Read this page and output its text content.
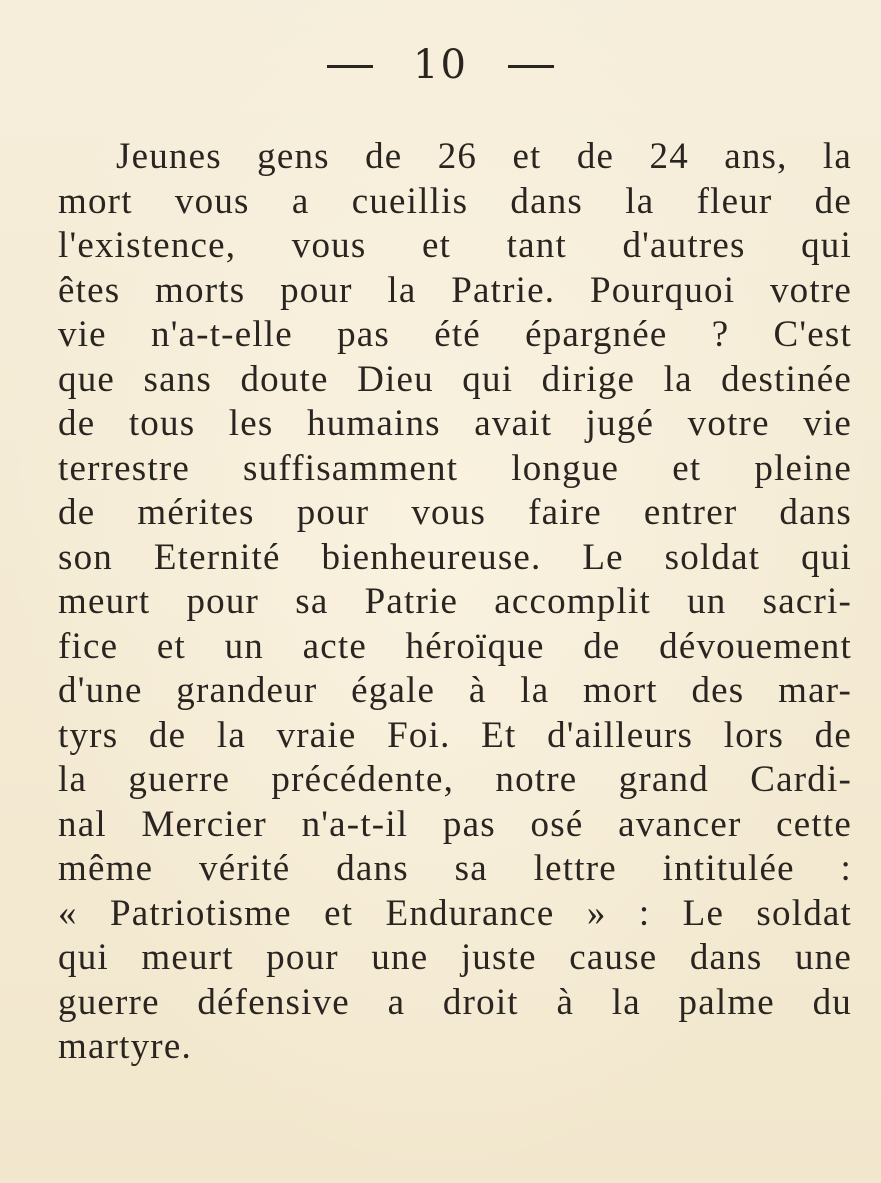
10
Jeunes gens de 26 et de 24 ans, la
mort vous a cueillis dans la fleur de
l'existence, vous et tant d'autres qui
êtes morts pour la Patrie. Pourquoi votre
vie n'a-t-elle pas été épargnée ? C'est
que sans doute Dieu qui dirige la destinée
de tous les humains avait jugé votre vie
terrestre suffisamment longue et pleine
de mérites pour vous faire entrer dans
son Eternité bienheureuse. Le soldat qui
meurt pour sa Patrie accomplit un sacri-
fice et un acte héroïque de dévouement
d'une grandeur égale à la mort des mar-
tyrs de la vraie Foi. Et d'ailleurs lors de
la guerre précédente, notre grand Cardi-
nal Mercier n'a-t-il pas osé avancer cette
même vérité dans sa lettre intitulée :
« Patriotisme et Endurance » : Le soldat
qui meurt pour une juste cause dans une
guerre défensive a droit à la palme du
martyre.
